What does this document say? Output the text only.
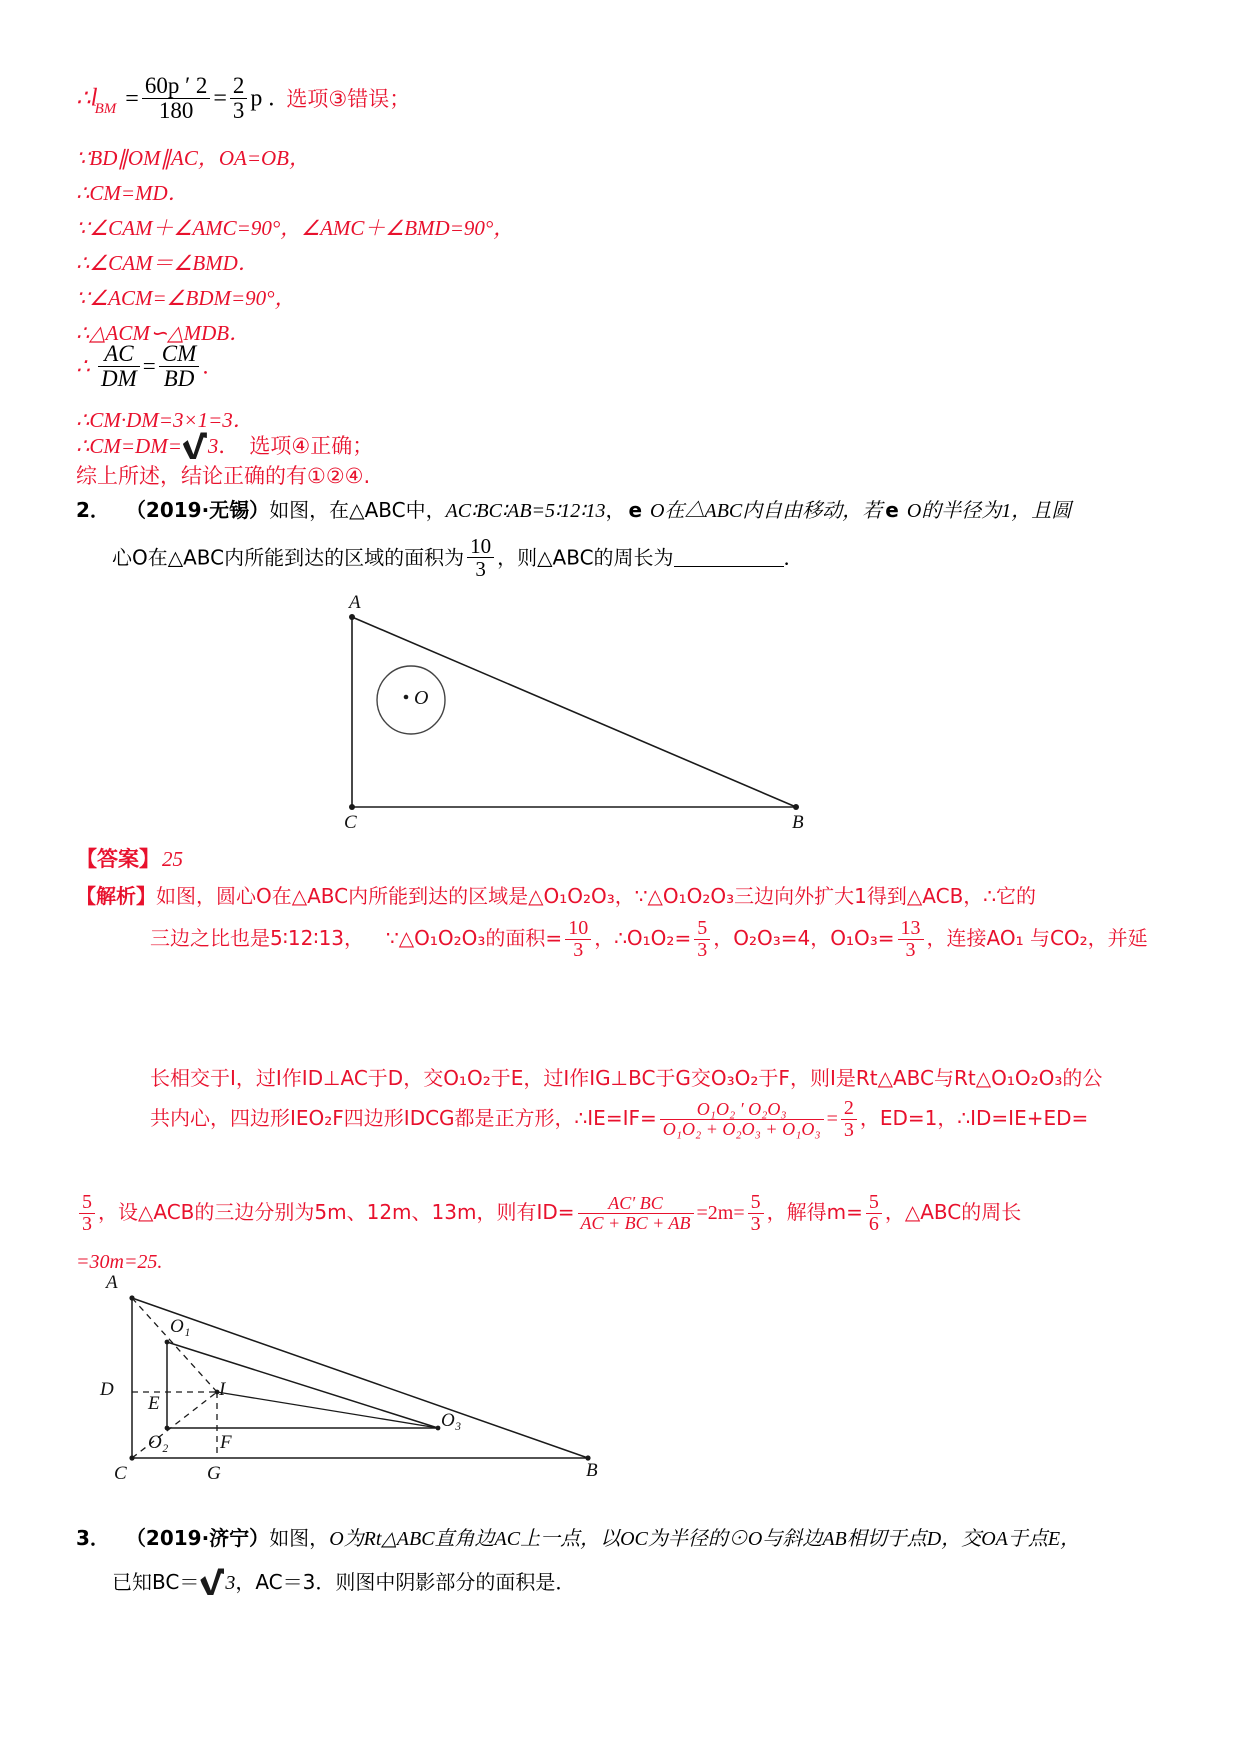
$\therefore l_{BM} = \frac{60p ' 2}{180} = \frac{2}{3}$ p . 选项③错误；
∵BD∥OM∥AC，OA=OB，
∴CM=MD．
∵∠CAM＋∠AMC=90°，∠AMC＋∠BMD=90°，
∴∠CAM＝∠BMD．
∵∠ACM=∠BDM=90°，
∴△ACM∽△MDB．
∴ $\frac{AC}{DM} = \frac{CM}{BD}$ ．
∴CM·DM=3×1=3．
∴CM=DM= 3． 选项④正确；
综上所述，结论正确的有①②④.
2． （2019·无锡）如图，在△ABC中，AC∶BC∶AB=5∶12∶13， e O在△ABC内自由移动，若 e O的半径为1，且圆
心O在△ABC内所能到达的区域的面积为 $\frac{10}{3}$ ，则△ABC的周长为	．
A
C	B
O
【答案】25
【解析】如图，圆心O在△ABC内所能到达的区域是△O₁O₂O₃，∵△O₁O₂O₃三边向外扩大1得到△ACB，∴它的
三边之比也是5∶12∶13， ∵△O₁O₂O₃的面积= $\frac{10}{3}$ ，∴O₁O₂= $\frac{5}{3}$ ，O₂O₃=4，$O_1O_3= \frac{13}{3}$ ，连接AO₁ 与CO₂，并延
长相交于I，过I作ID⊥AC于D，交O₁O₂于E，过I作IG⊥BC于G交O₃O₂于F，则I是Rt△ABC与Rt△O₁O₂O₃的公
共内心，四边形IEO₂F四边形IDCG都是正方形，∴IE=IF= $\frac{\text{O₁O₂ ′ O₂O₃}}{\text{O₁O₂ + O₂O₃ + O₁O₃}} = \frac{2}{3}$ ，ED=1，∴ID=IE+ED=
$\frac{5}{3}$ ，设△ACB的三边分别为5m、12m、13m，则有$ID= \frac{AC' BC}{AC + BC + AB} =2m= \frac{5}{3}$ ，解得$m= \frac{5}{6}$ ，△ABC的周长
=30m=25.
A
O₁
D
E
I
O₂	F
O₃
C	G	B
3． （2019·济宁）如图，O为Rt△ABC直角边AC上一点，以OC为半径的⊙O与斜边AB相切于点D，交OA于点E，
已知BC＝ 3，AC＝3．则图中阴影部分的面积是．
